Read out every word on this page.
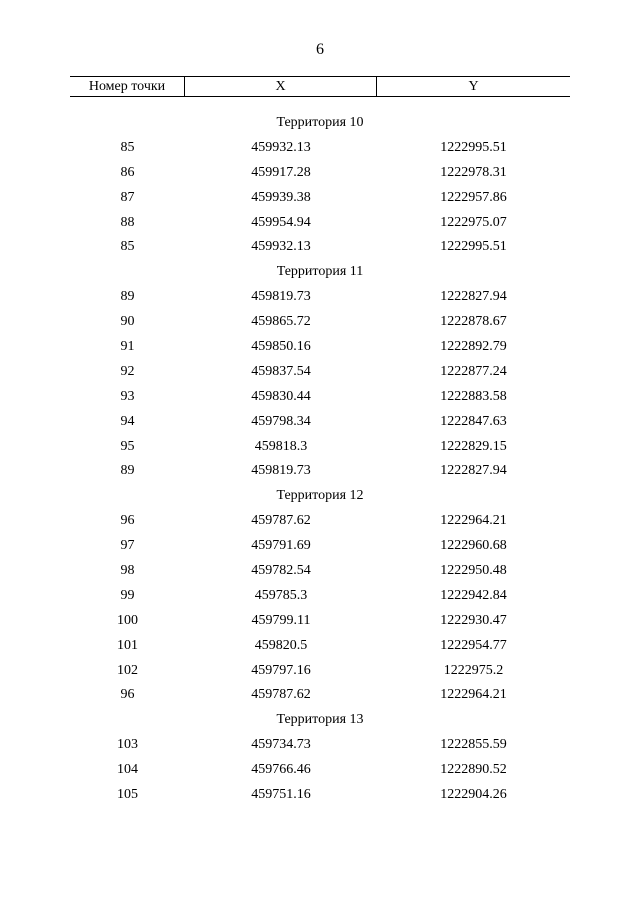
6
Номер точки	X	Y
Территория 10
85	459932.13	1222995.51
86	459917.28	1222978.31
87	459939.38	1222957.86
88	459954.94	1222975.07
85	459932.13	1222995.51
Территория 11
89	459819.73	1222827.94
90	459865.72	1222878.67
91	459850.16	1222892.79
92	459837.54	1222877.24
93	459830.44	1222883.58
94	459798.34	1222847.63
95	459818.3	1222829.15
89	459819.73	1222827.94
Территория 12
96	459787.62	1222964.21
97	459791.69	1222960.68
98	459782.54	1222950.48
99	459785.3	1222942.84
100	459799.11	1222930.47
101	459820.5	1222954.77
102	459797.16	1222975.2
96	459787.62	1222964.21
Территория 13
103	459734.73	1222855.59
104	459766.46	1222890.52
105	459751.16	1222904.26
